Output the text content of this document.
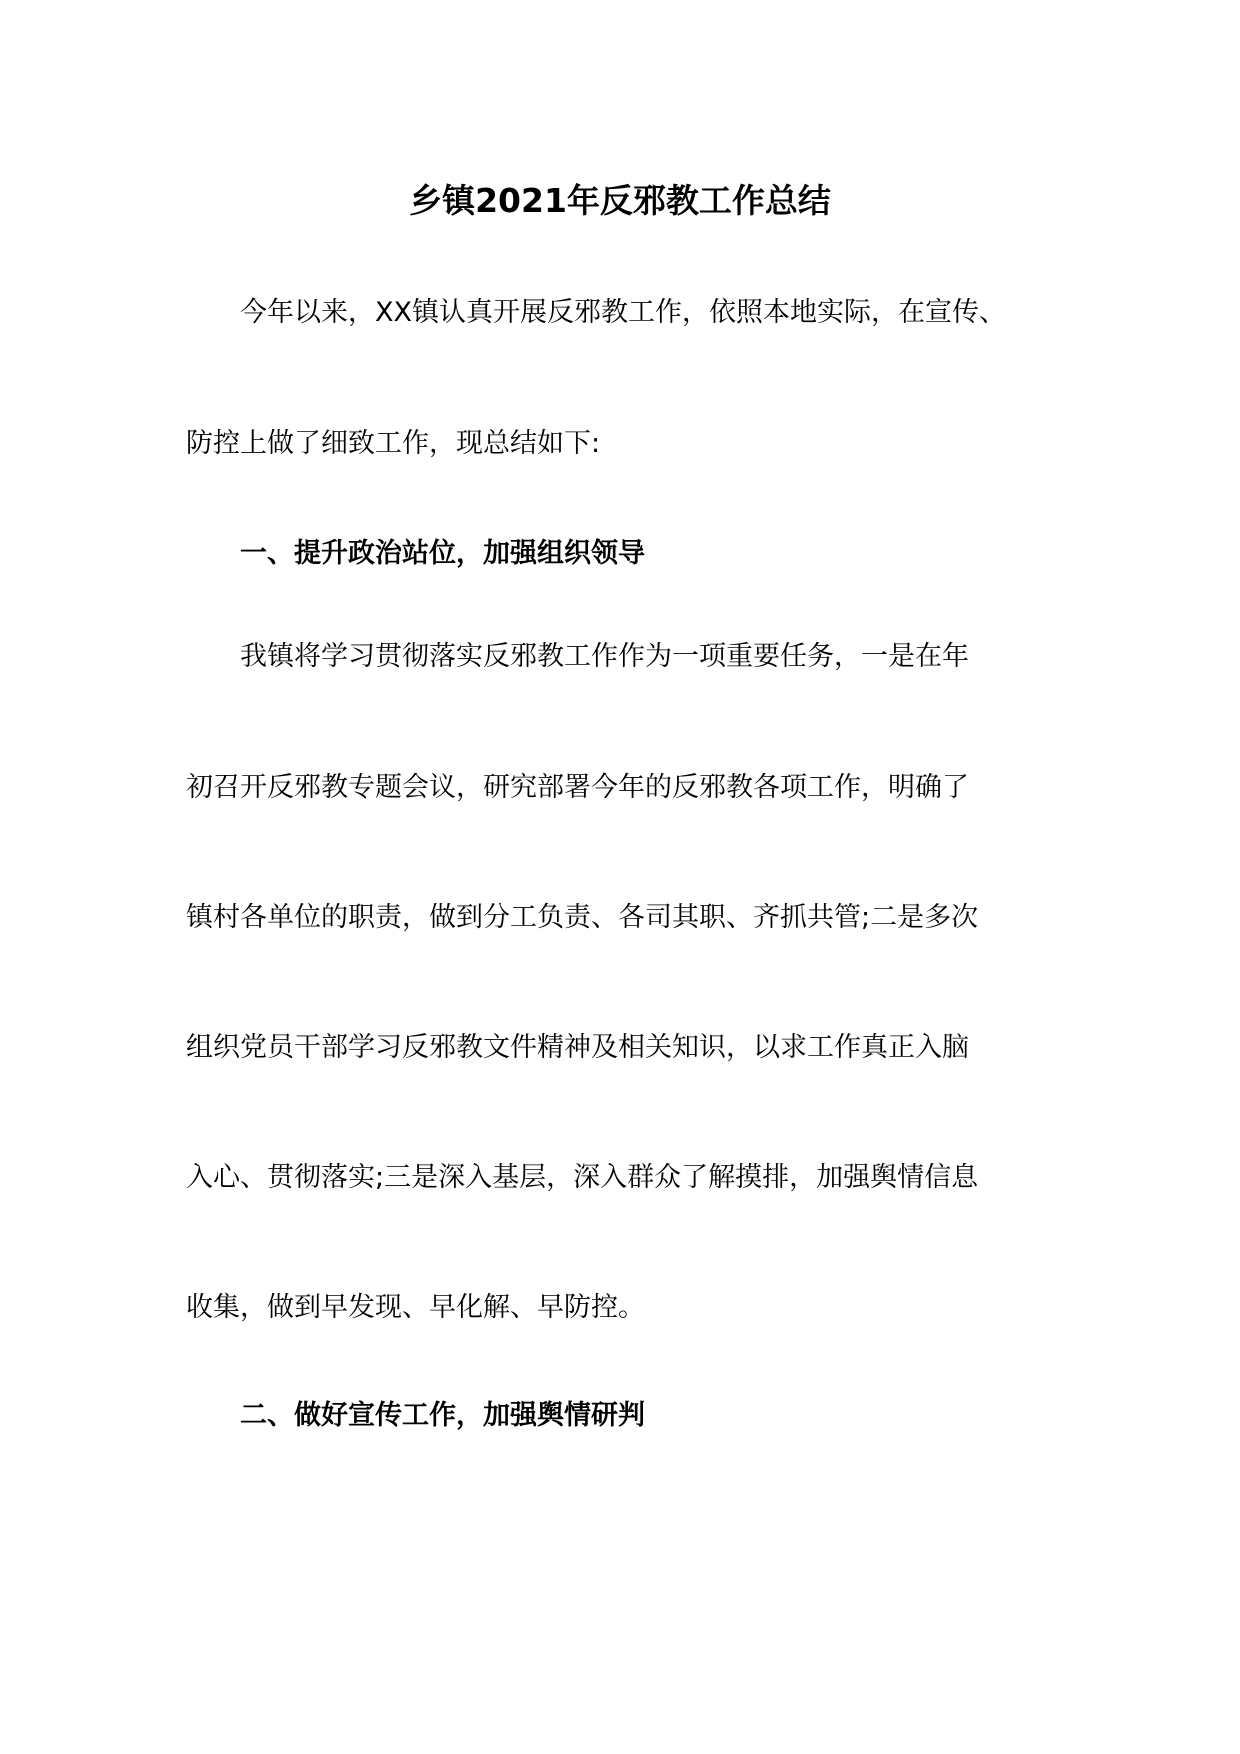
乡镇2021年反邪教工作总结
今年以来，XX镇认真开展反邪教工作，依照本地实际，在宣传、
防控上做了细致工作，现总结如下:
一、提升政治站位，加强组织领导
我镇将学习贯彻落实反邪教工作作为一项重要任务，一是在年
初召开反邪教专题会议，研究部署今年的反邪教各项工作，明确了
镇村各单位的职责，做到分工负责、各司其职、齐抓共管;二是多次
组织党员干部学习反邪教文件精神及相关知识，以求工作真正入脑
入心、贯彻落实;三是深入基层，深入群众了解摸排，加强舆情信息
收集，做到早发现、早化解、早防控。
二、做好宣传工作，加强舆情研判
